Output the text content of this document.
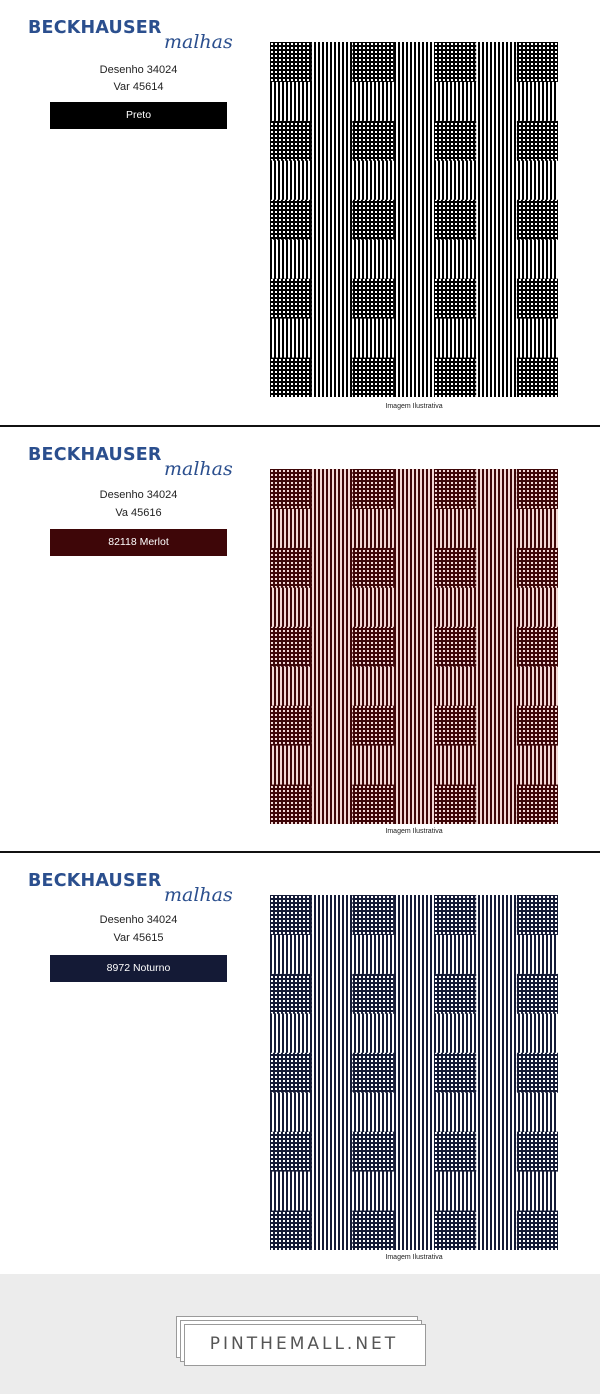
BECKHAUSER
malhas
Desenho 34024
Var 45614
Preto
Imagem Ilustrativa
BECKHAUSER
malhas
Desenho 34024
Va 45616
82118 Merlot
Imagem Ilustrativa
BECKHAUSER
malhas
Desenho 34024
Var 45615
8972 Noturno
Imagem Ilustrativa
PINTHEMALL.NET
